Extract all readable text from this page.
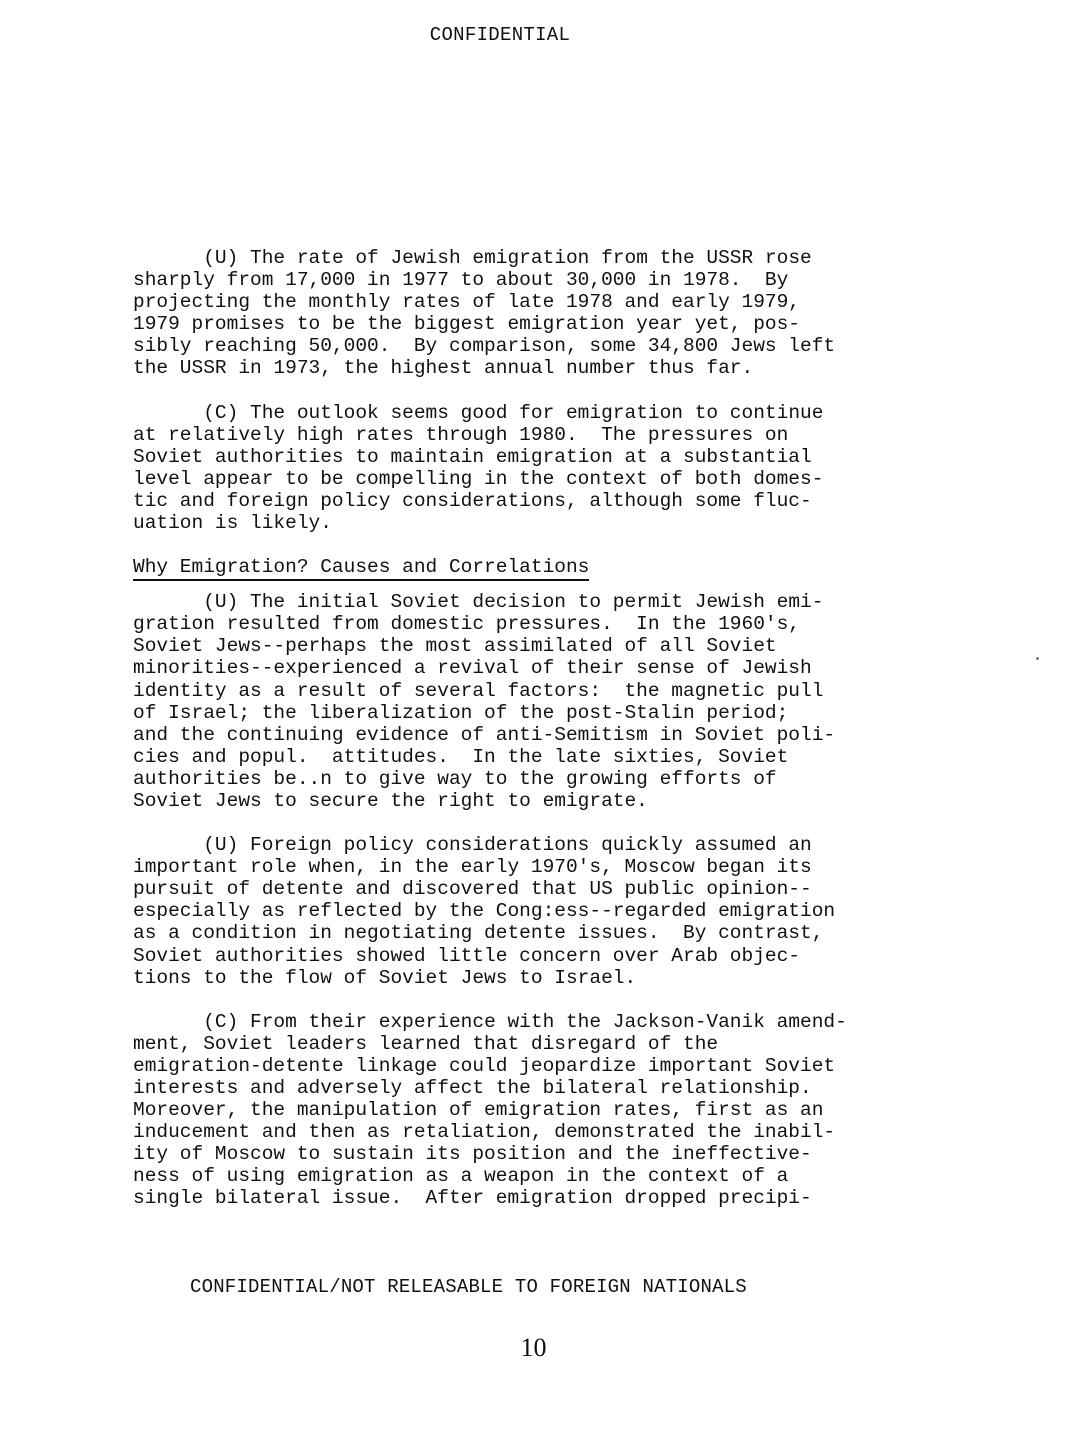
CONFIDENTIAL

(U) The rate of Jewish emigration from the USSR rose
sharply from 17,000 in 1977 to about 30,000 in 1978.  By
projecting the monthly rates of late 1978 and early 1979,
1979 promises to be the biggest emigration year yet, pos-
sibly reaching 50,000.  By comparison, some 34,800 Jews left
the USSR in 1973, the highest annual number thus far.

(C) The outlook seems good for emigration to continue
at relatively high rates through 1980.  The pressures on
Soviet authorities to maintain emigration at a substantial
level appear to be compelling in the context of both domes-
tic and foreign policy considerations, although some fluc-
uation is likely.

Why Emigration? Causes and Correlations

(U) The initial Soviet decision to permit Jewish emi-
gration resulted from domestic pressures.  In the 1960's,
Soviet Jews--perhaps the most assimilated of all Soviet
minorities--experienced a revival of their sense of Jewish
identity as a result of several factors:  the magnetic pull
of Israel; the liberalization of the post-Stalin period;
and the continuing evidence of anti-Semitism in Soviet poli-
cies and popul.  attitudes.  In the late sixties, Soviet
authorities be..n to give way to the growing efforts of
Soviet Jews to secure the right to emigrate.

(U) Foreign policy considerations quickly assumed an
important role when, in the early 1970's, Moscow began its
pursuit of detente and discovered that US public opinion--
especially as reflected by the Cong:ess--regarded emigration
as a condition in negotiating detente issues.  By contrast,
Soviet authorities showed little concern over Arab objec-
tions to the flow of Soviet Jews to Israel.

(C) From their experience with the Jackson-Vanik amend-
ment, Soviet leaders learned that disregard of the
emigration-detente linkage could jeopardize important Soviet
interests and adversely affect the bilateral relationship.
Moreover, the manipulation of emigration rates, first as an
inducement and then as retaliation, demonstrated the inabil-
ity of Moscow to sustain its position and the ineffective-
ness of using emigration as a weapon in the context of a
single bilateral issue.  After emigration dropped precipi-

CONFIDENTIAL/NOT RELEASABLE TO FOREIGN NATIONALS
10
